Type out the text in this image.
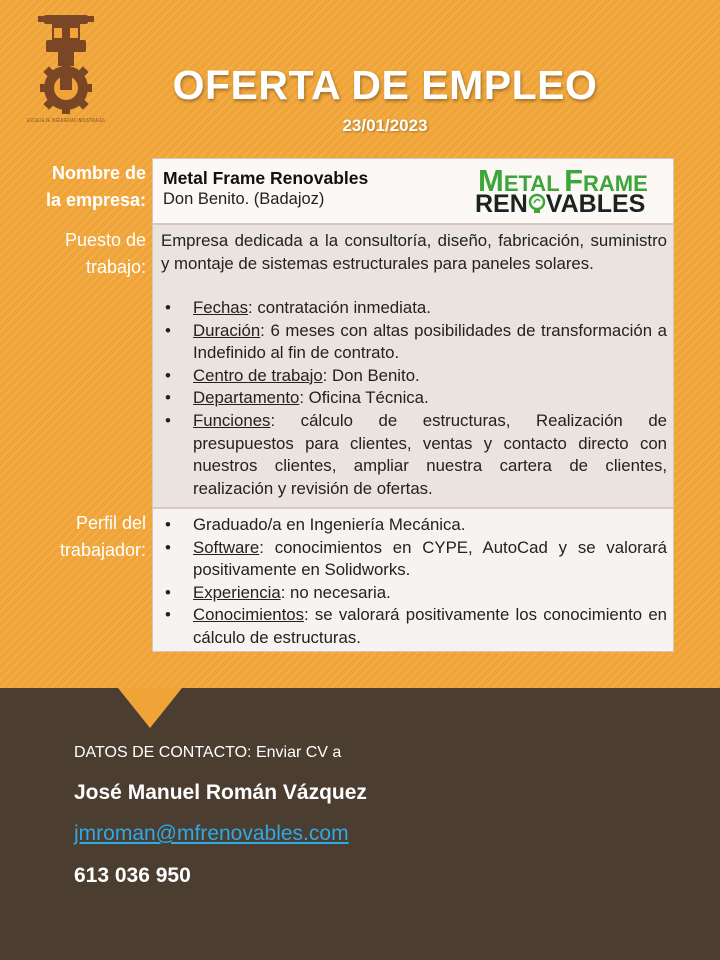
ESCUELA DE INGENIERÍAS INDUSTRIALES
OFERTA DE EMPLEO
23/01/2023
Nombre de
la empresa:
Puesto de
trabajo:
Perfil del
trabajador:
Metal Frame Renovables
Don Benito. (Badajoz)
METAL FRAME
REN VABLES
Empresa dedicada a la consultoría, diseño, fabricación, suministro y montaje de sistemas estructurales para paneles solares.
• Fechas: contratación inmediata.
• Duración: 6 meses con altas posibilidades de transformación a Indefinido al fin de contrato.
• Centro de trabajo: Don Benito.
• Departamento: Oficina Técnica.
• Funciones: cálculo de estructuras, Realización de presupuestos para clientes, ventas y contacto directo con nuestros clientes, ampliar nuestra cartera de clientes, realización y revisión de ofertas.
• Graduado/a en Ingeniería Mecánica.
• Software: conocimientos en CYPE, AutoCad y se valorará positivamente en Solidworks.
• Experiencia: no necesaria.
• Conocimientos: se valorará positivamente los conocimiento en cálculo de estructuras.
DATOS DE CONTACTO: Enviar CV a
José Manuel Román Vázquez
jmroman@mfrenovables.com
613 036 950
